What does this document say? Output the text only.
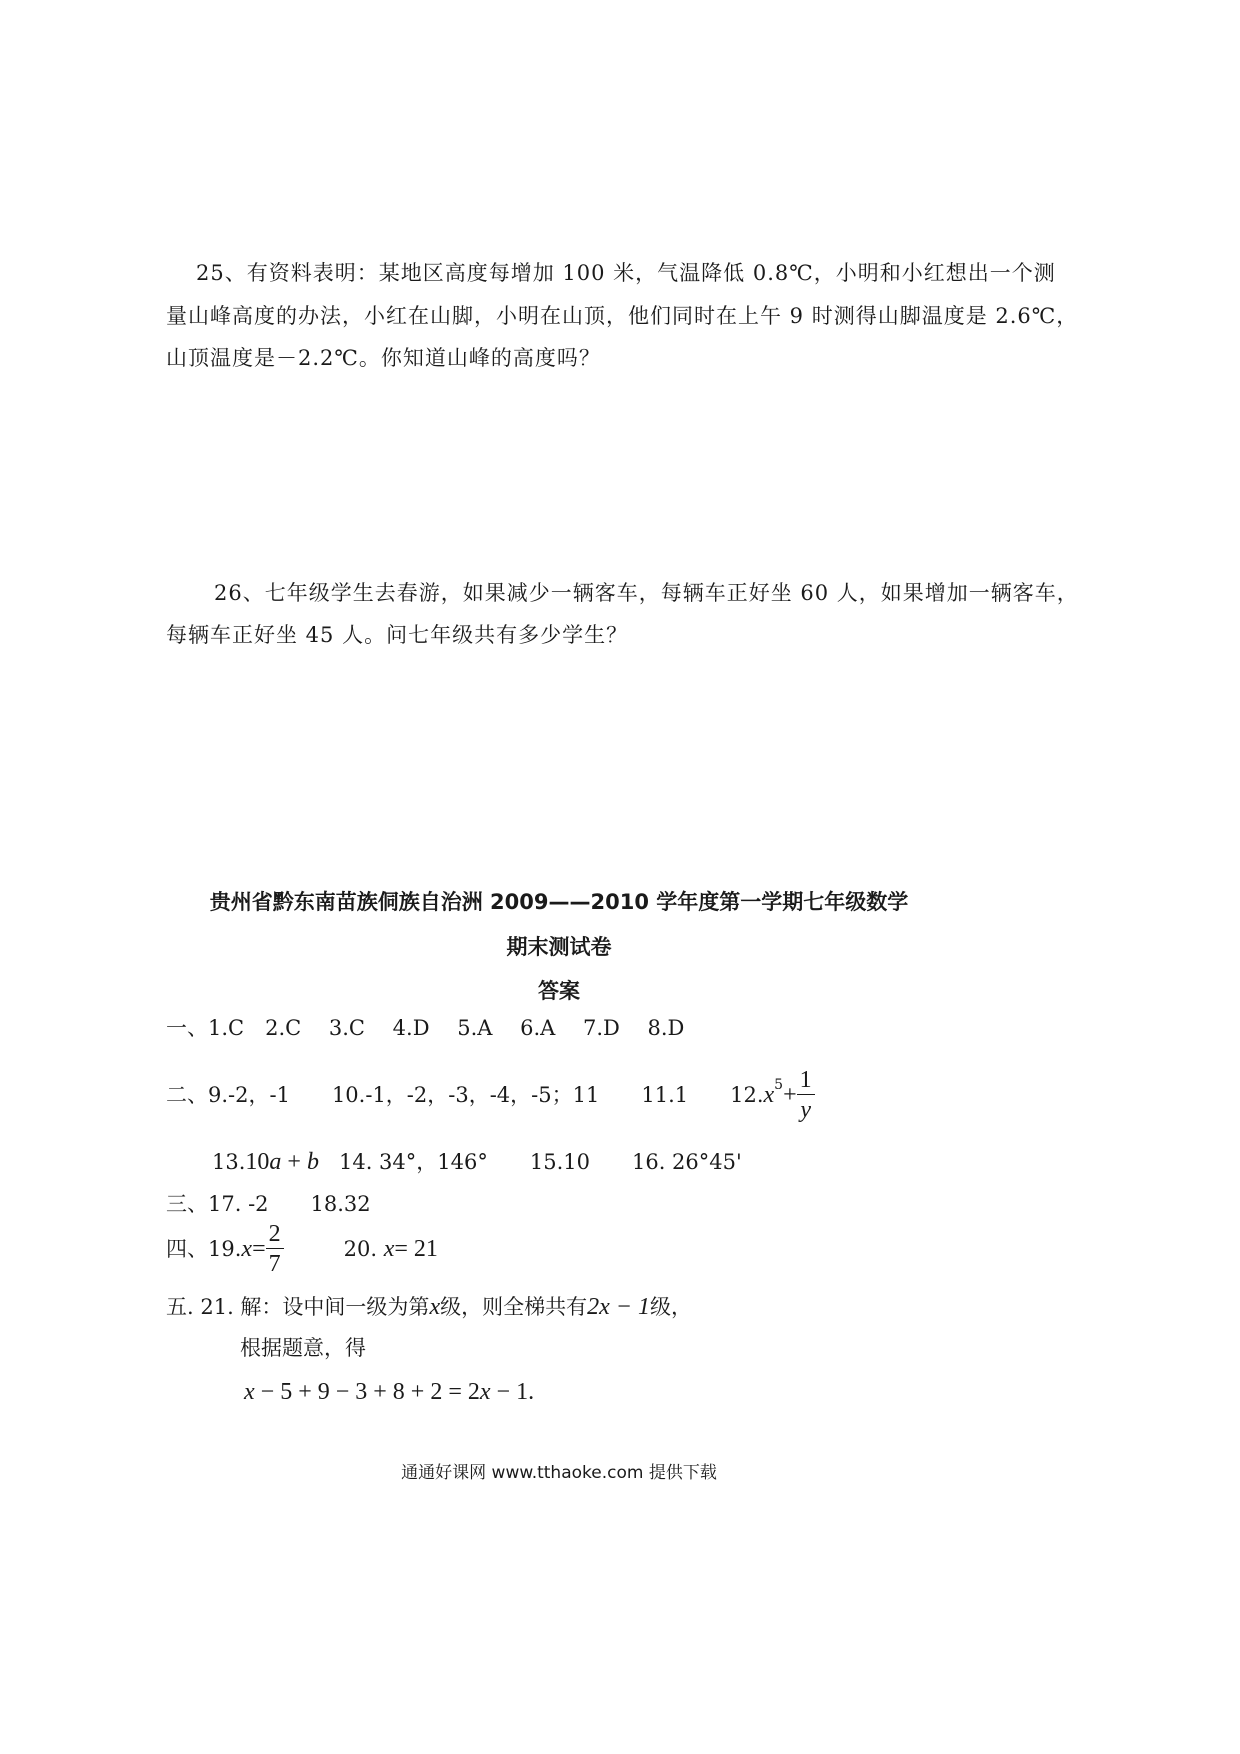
25、有资料表明：某地区高度每增加 100 米，气温降低 0.8℃，小明和小红想出一个测
量山峰高度的办法，小红在山脚，小明在山顶，他们同时在上午 9 时测得山脚温度是 2.6℃，
山顶温度是－2.2℃。你知道山峰的高度吗？
26、七年级学生去春游，如果减少一辆客车，每辆车正好坐 60 人，如果增加一辆客车，
每辆车正好坐 45 人。问七年级共有多少学生？
贵州省黔东南苗族侗族自治洲 2009——2010 学年度第一学期七年级数学
期末测试卷
答案
一、1.C　2.C　 3.C　 4.D　 5.A　 6.A　 7.D　 8.D
二、9.-2，-1　　10.-1，-2，-3，-4，-5；11　　11.1　　12. $x^5 + \frac{1}{y}$
13.10a + b 14. 34°，146°　　15.10　　16. 26°45'
三、17. -2　　18.32
四、19. $x = \frac{2}{7}$	20.
x = 21
五. 21. 解：设中间一级为第x级，则全梯共有2x − 1级，
根据题意，得
x − 5 + 9 − 3 + 8 + 2 = 2x − 1.
通通好课网 www.tthaoke.com 提供下载
